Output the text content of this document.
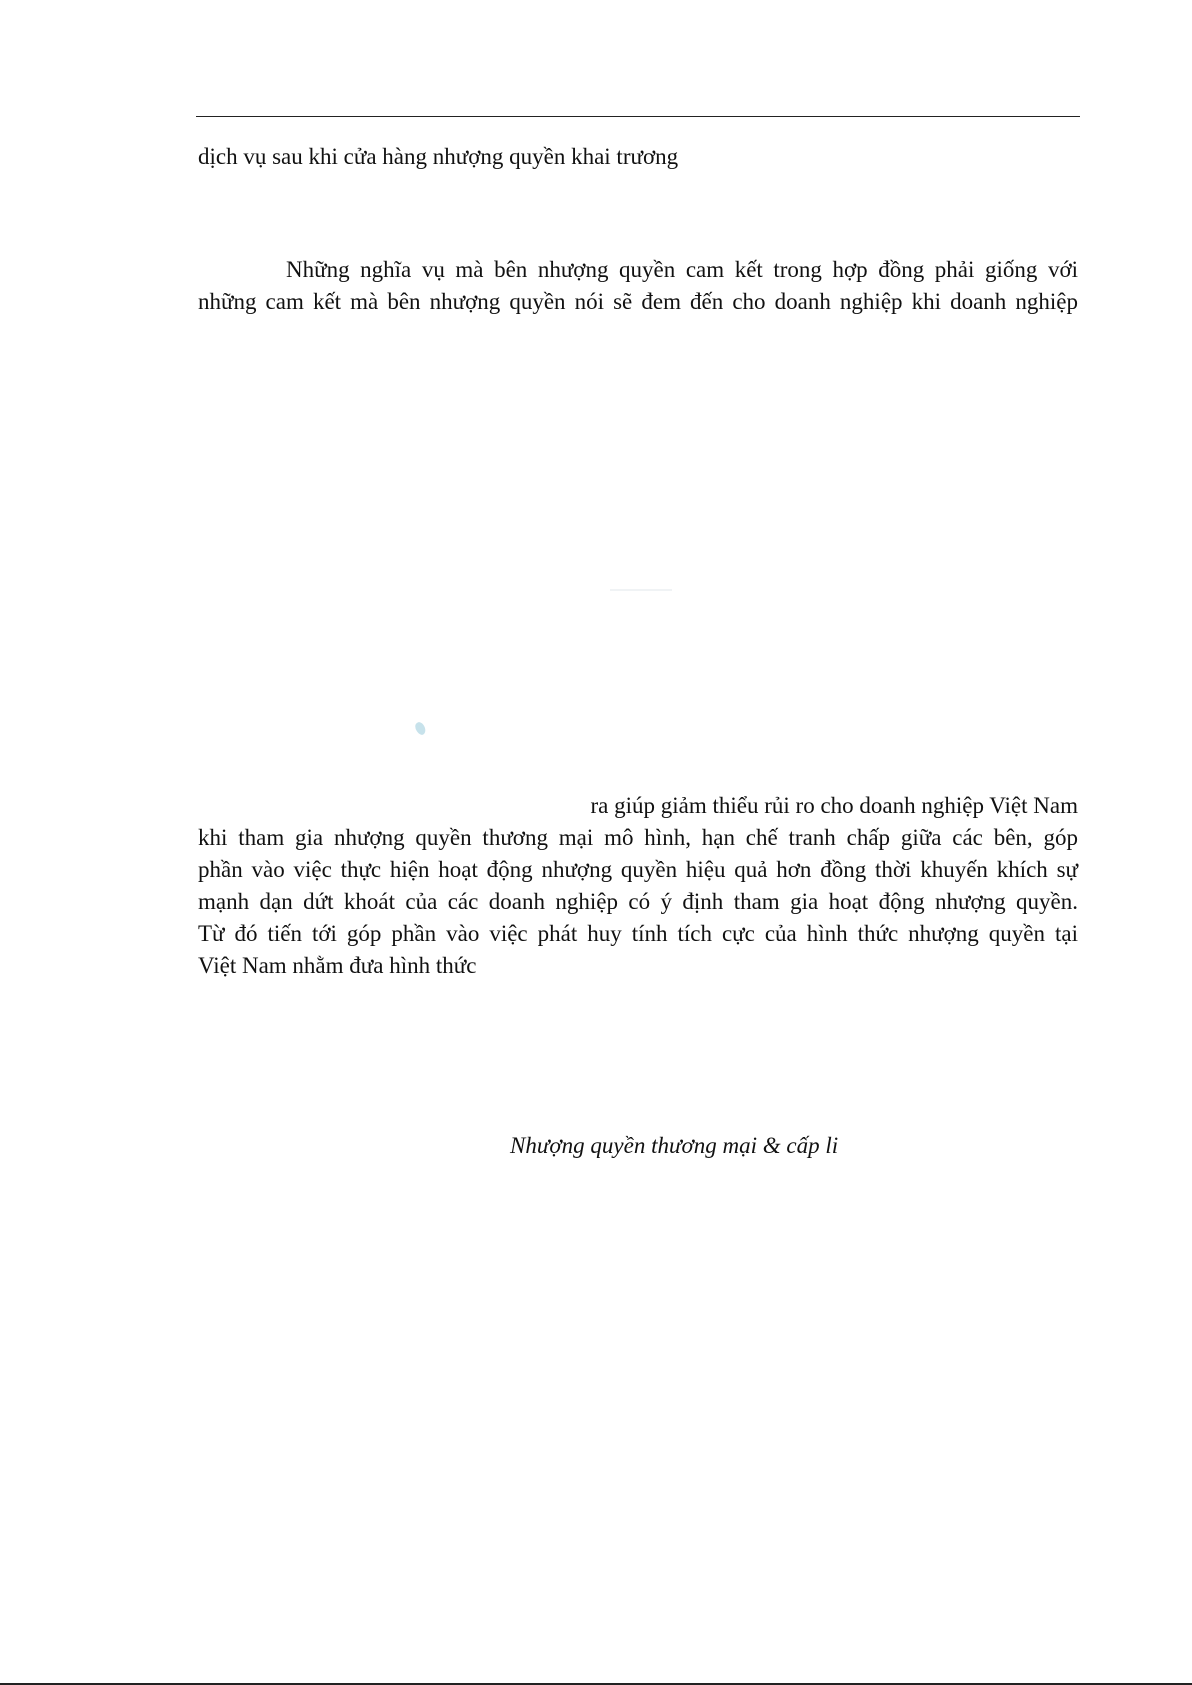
dịch vụ sau khi cửa hàng nhượng quyền khai trương
Những nghĩa vụ mà bên nhượng quyền cam kết trong hợp đồng phải giống với
những cam kết mà bên nhượng quyền nói sẽ đem đến cho doanh nghiệp khi doanh nghiệp
ra giúp giảm thiểu rủi ro cho doanh nghiệp Việt Nam
khi tham gia nhượng quyền thương mại mô hình, hạn chế tranh chấp giữa các bên, góp
phần vào việc thực hiện hoạt động nhượng quyền hiệu quả hơn đồng thời khuyến khích sự
mạnh dạn dứt khoát của các doanh nghiệp có ý định tham gia hoạt động nhượng quyền.
Từ đó tiến tới góp phần vào việc phát huy tính tích cực của hình thức nhượng quyền tại
Việt Nam nhằm đưa hình thức
Nhượng quyền thương mại & cấp li
